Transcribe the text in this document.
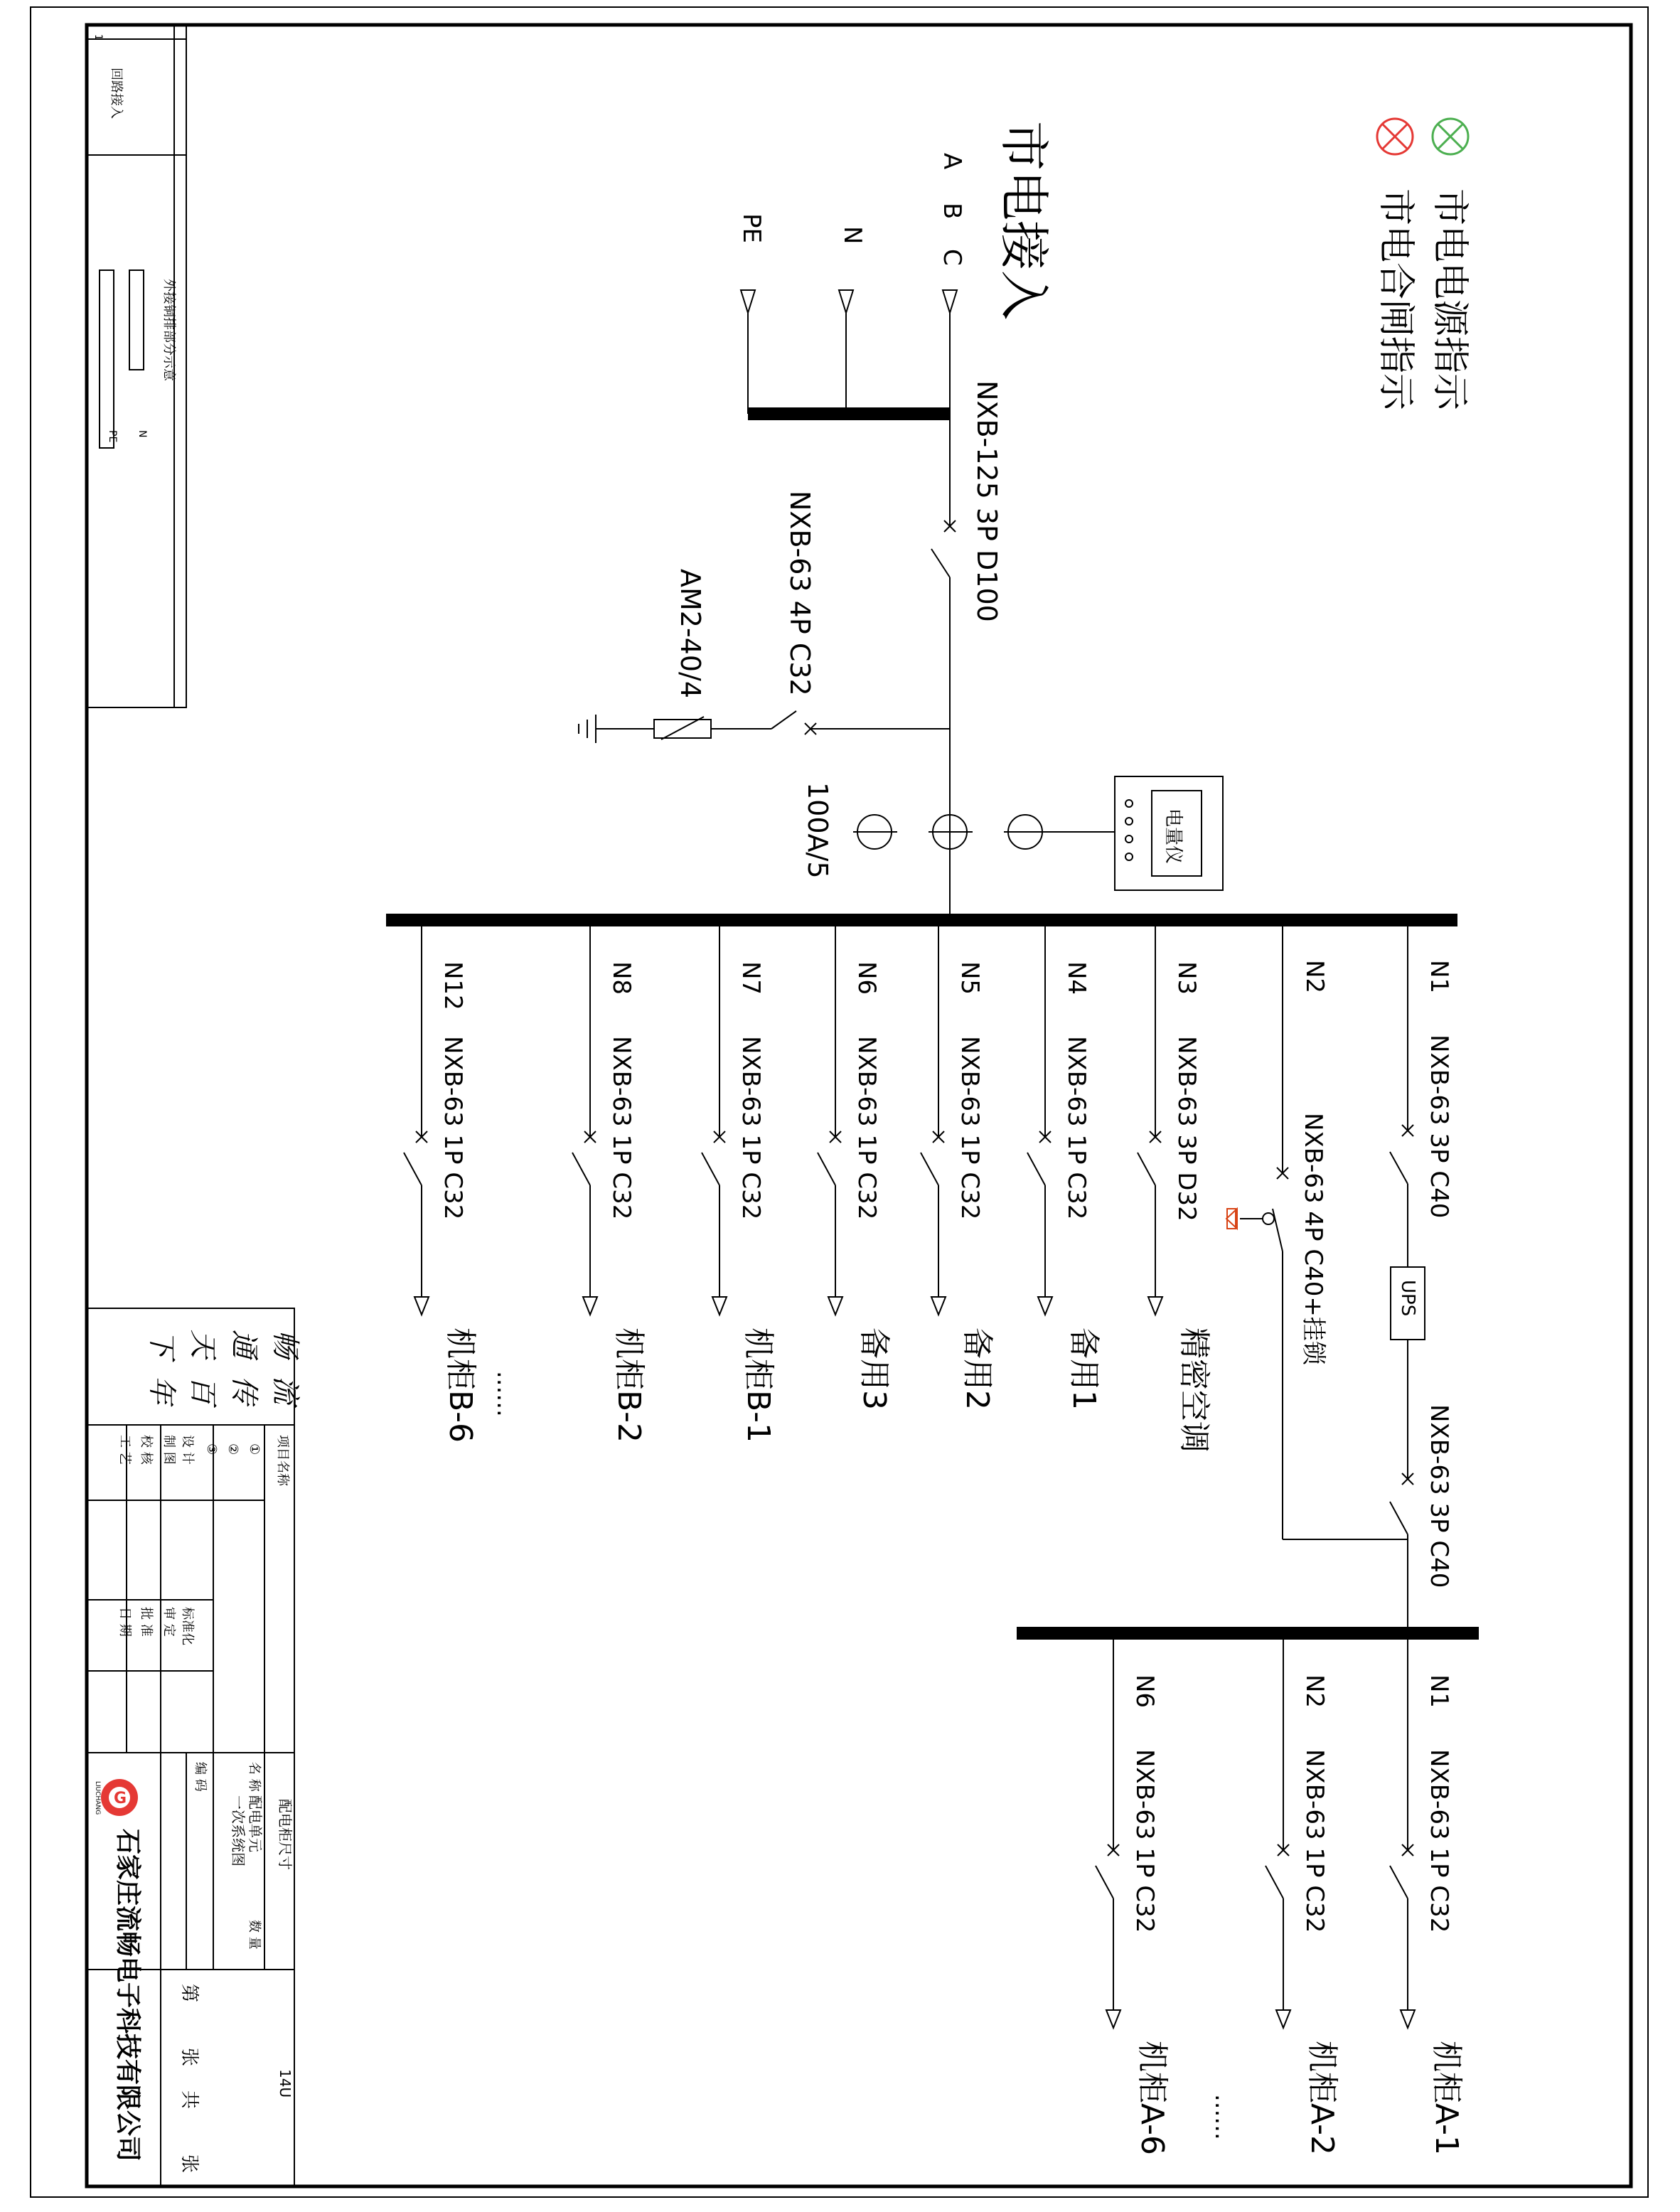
市电电源指示
市电合闸指示
市电接入
A
B
C
N
PE
NXB-125 3P D100
NXB-63 4P C32
AM2-40/4
100A/5	电量仪
UPS
N1
NXB-63 3P C40
NXB-63 3P C40
N2
NXB-63 4P C40+挂锁
N3
NXB-63 3P D32
精密空调
N4
NXB-63 1P C32
备用1
N5
NXB-63 1P C32
备用2
N6
NXB-63 1P C32
备用3
N7
NXB-63 1P C32
机柜B-1
N8
NXB-63 1P C32
机柜B-2
N12
NXB-63 1P C32
机柜B-6 ......
N1
NXB-63 1P C32
机柜A-1
N2
NXB-63 1P C32
机柜A-2
N6
NXB-63 1P C32
机柜A-6 ......
1
回路接入
外接铜排部分示意
N
PE
畅
通
天
下
流
传
百
年
项目名称
①
②
③
设 计
制 图
校 核
工 艺
标准化
审 定
批 准
日 期
名 称
编 码
配电单元
一次系统图 配电柜尺寸
数 量
14U
第
张
共
张
G
LIUCHANG
石家庄流畅电子科技有限公司
